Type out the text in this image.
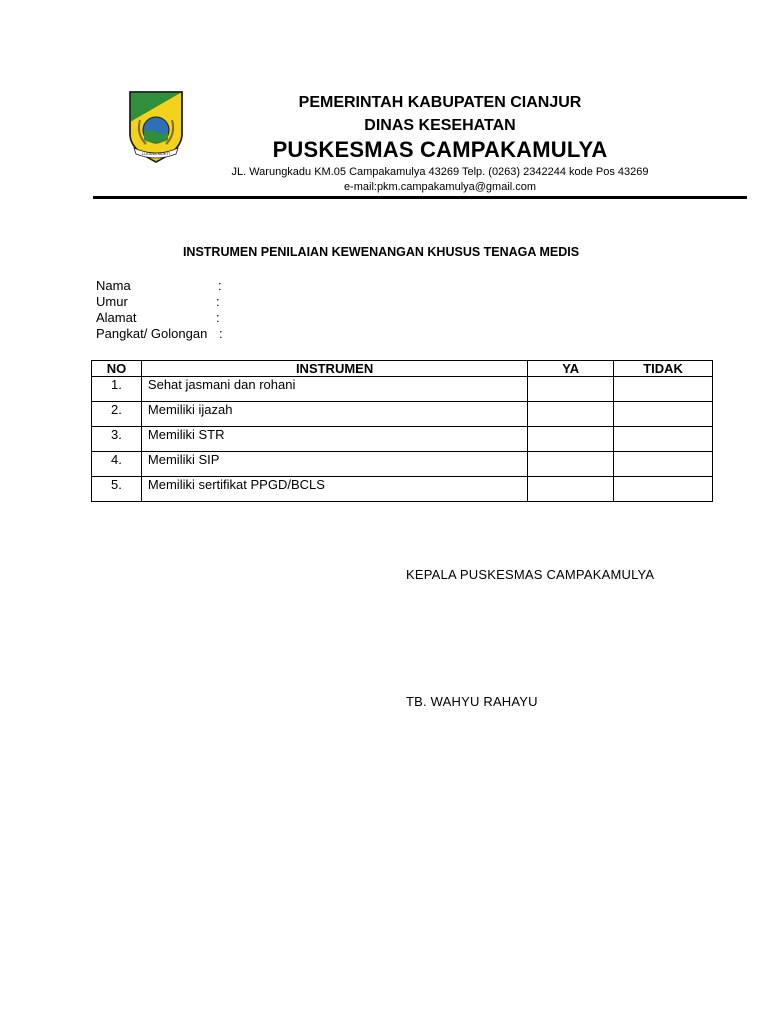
LUGINA MUKTI
PEMERINTAH KABUPATEN CIANJUR
DINAS KESEHATAN
PUSKESMAS CAMPAKAMULYA
JL. Warungkadu KM.05 Campakamulya 43269 Telp. (0263) 2342244 kode Pos 43269
e-mail:pkm.campakamulya@gmail.com
INSTRUMEN PENILAIAN KEWENANGAN KHUSUS TENAGA MEDIS
Nama	:
Umur	:
Alamat	:
Pangkat/ Golongan :
NO	INSTRUMEN	YA	TIDAK
1.	Sehat jasmani dan rohani		
2.	Memiliki ijazah		
3.	Memiliki STR		
4.	Memiliki SIP		
5.	Memiliki sertifikat PPGD/BCLS		
KEPALA PUSKESMAS CAMPAKAMULYA
TB. WAHYU RAHAYU
